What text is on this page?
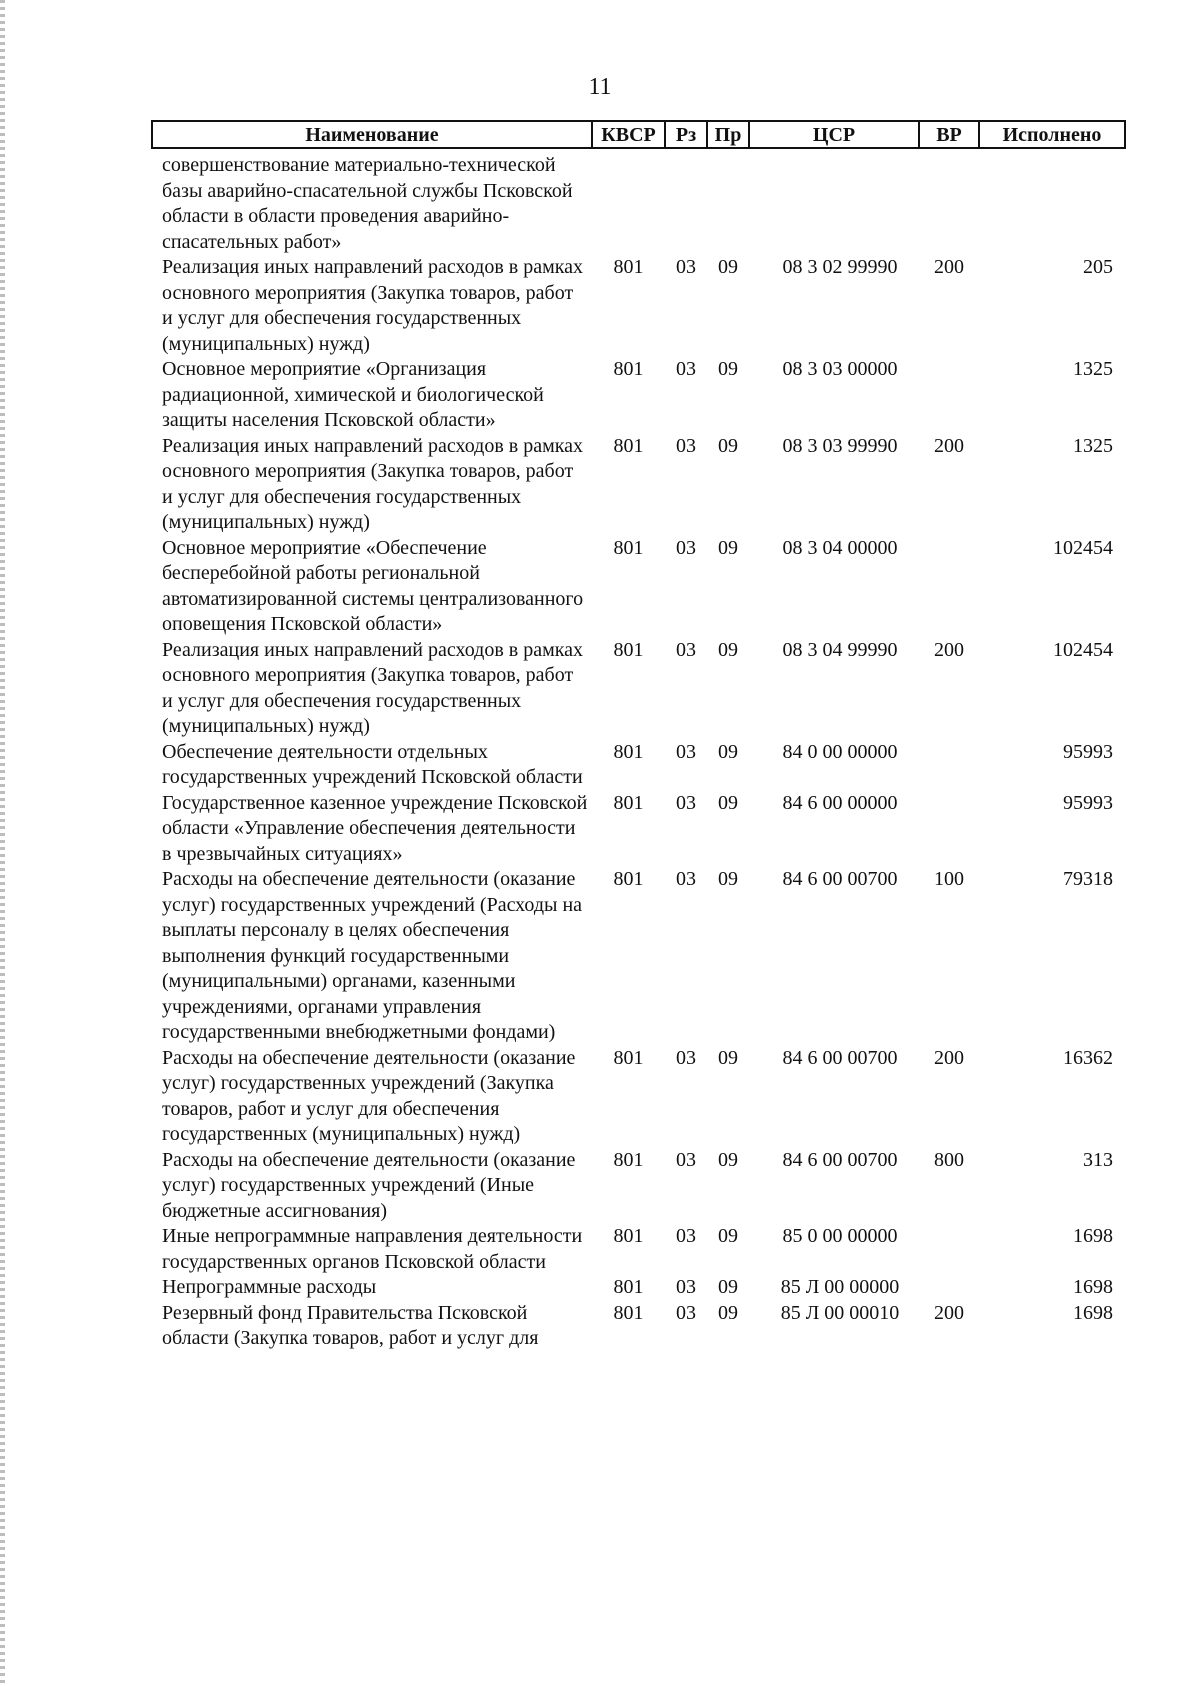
11
Наименование	КВСР	Рз	Пр	ЦСР	ВР	Исполнено

совершенствование материально-технической базы аварийно-спасательной службы Псковской области в области проведения аварийно-спасательных работ»						
Реализация иных направлений расходов в рамках основного мероприятия (Закупка товаров, работ и услуг для обеспечения государственных (муниципальных) нужд)	801	03	09	08 3 02 99990	200	205
Основное мероприятие «Организация радиационной, химической и биологической защиты населения Псковской области»	801	03	09	08 3 03 00000		1325
Реализация иных направлений расходов в рамках основного мероприятия (Закупка товаров, работ и услуг для обеспечения государственных (муниципальных) нужд)	801	03	09	08 3 03 99990	200	1325
Основное мероприятие «Обеспечение бесперебойной работы региональной автоматизированной системы централизованного оповещения Псковской области»	801	03	09	08 3 04 00000		102454
Реализация иных направлений расходов в рамках основного мероприятия (Закупка товаров, работ и услуг для обеспечения государственных (муниципальных) нужд)	801	03	09	08 3 04 99990	200	102454
Обеспечение деятельности отдельных государственных учреждений Псковской области	801	03	09	84 0 00 00000		95993
Государственное казенное учреждение Псковской области «Управление обеспечения деятельности в чрезвычайных ситуациях»	801	03	09	84 6 00 00000		95993
Расходы на обеспечение деятельности (оказание услуг) государственных учреждений (Расходы на выплаты персоналу в целях обеспечения выполнения функций государственными (муниципальными) органами, казенными учреждениями, органами управления государственными внебюджетными фондами)	801	03	09	84 6 00 00700	100	79318
Расходы на обеспечение деятельности (оказание услуг) государственных учреждений (Закупка товаров, работ и услуг для обеспечения государственных (муниципальных) нужд)	801	03	09	84 6 00 00700	200	16362
Расходы на обеспечение деятельности (оказание услуг) государственных учреждений (Иные бюджетные ассигнования)	801	03	09	84 6 00 00700	800	313
Иные непрограммные направления деятельности государственных органов Псковской области	801	03	09	85 0 00 00000		1698
Непрограммные расходы	801	03	09	85 Л 00 00000		1698
Резервный фонд Правительства Псковской области (Закупка товаров, работ и услуг для	801	03	09	85 Л 00 00010	200	1698
